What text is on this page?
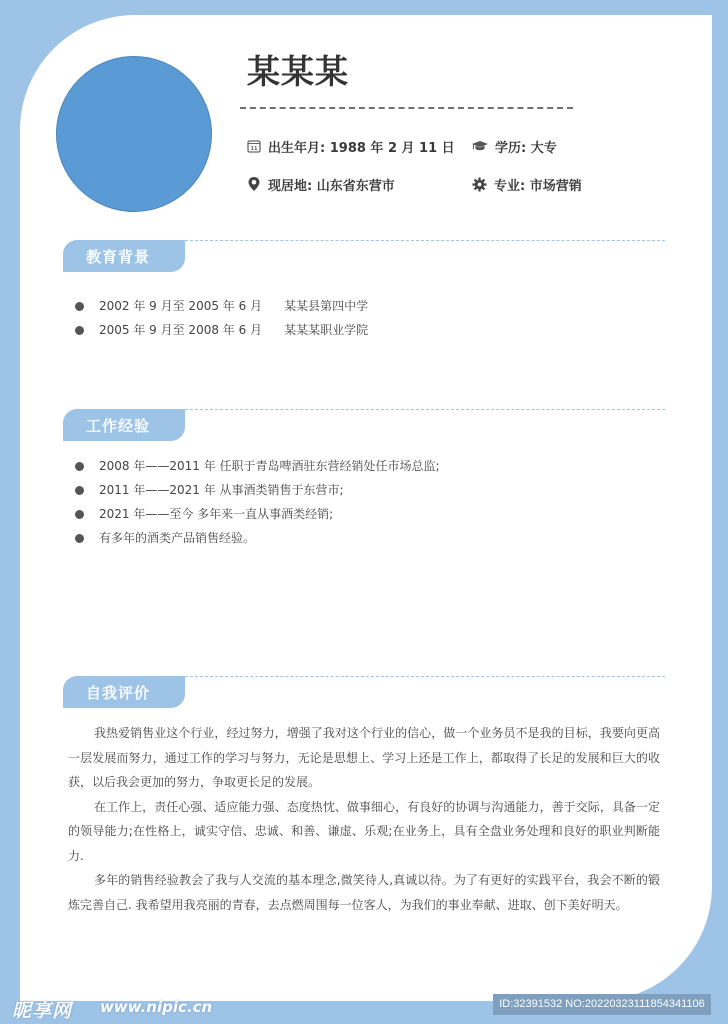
某某某
11 出生年月: 1988 年 2 月 11 日	学历: 大专
现居地: 山东省东营市	专业: 市场营销
教育背景
2002 年 9 月至 2005 年 6 月 某某县第四中学
2005 年 9 月至 2008 年 6 月 某某某职业学院
工作经验
2008 年——2011 年 任职于青岛啤酒驻东营经销处任市场总监;
2011 年——2021 年 从事酒类销售于东营市;
2021 年——至今 多年来一直从事酒类经销;
有多年的酒类产品销售经验。
自我评价

我热爱销售业这个行业，经过努力，增强了我对这个行业的信心，做一个业务员不是我的目标，我要向更高一层发展而努力，通过工作的学习与努力，无论是思想上、学习上还是工作上，都取得了长足的发展和巨大的收获，以后我会更加的努力，争取更长足的发展。

在工作上，责任心强、适应能力强、态度热忱、做事细心，有良好的协调与沟通能力，善于交际，具备一定的领导能力;在性格上，诚实守信、忠诚、和善、谦虚、乐观;在业务上，具有全盘业务处理和良好的职业判断能力.

多年的销售经验教会了我与人交流的基本理念,微笑待人,真诚以待。为了有更好的实践平台，我会不断的锻炼完善自己. 我希望用我亮丽的青春，去点燃周围每一位客人，为我们的事业奉献、进取、创下美好明天。

昵享网 www.nipic.cn	ID:32391532 NO:20220323111854341106
